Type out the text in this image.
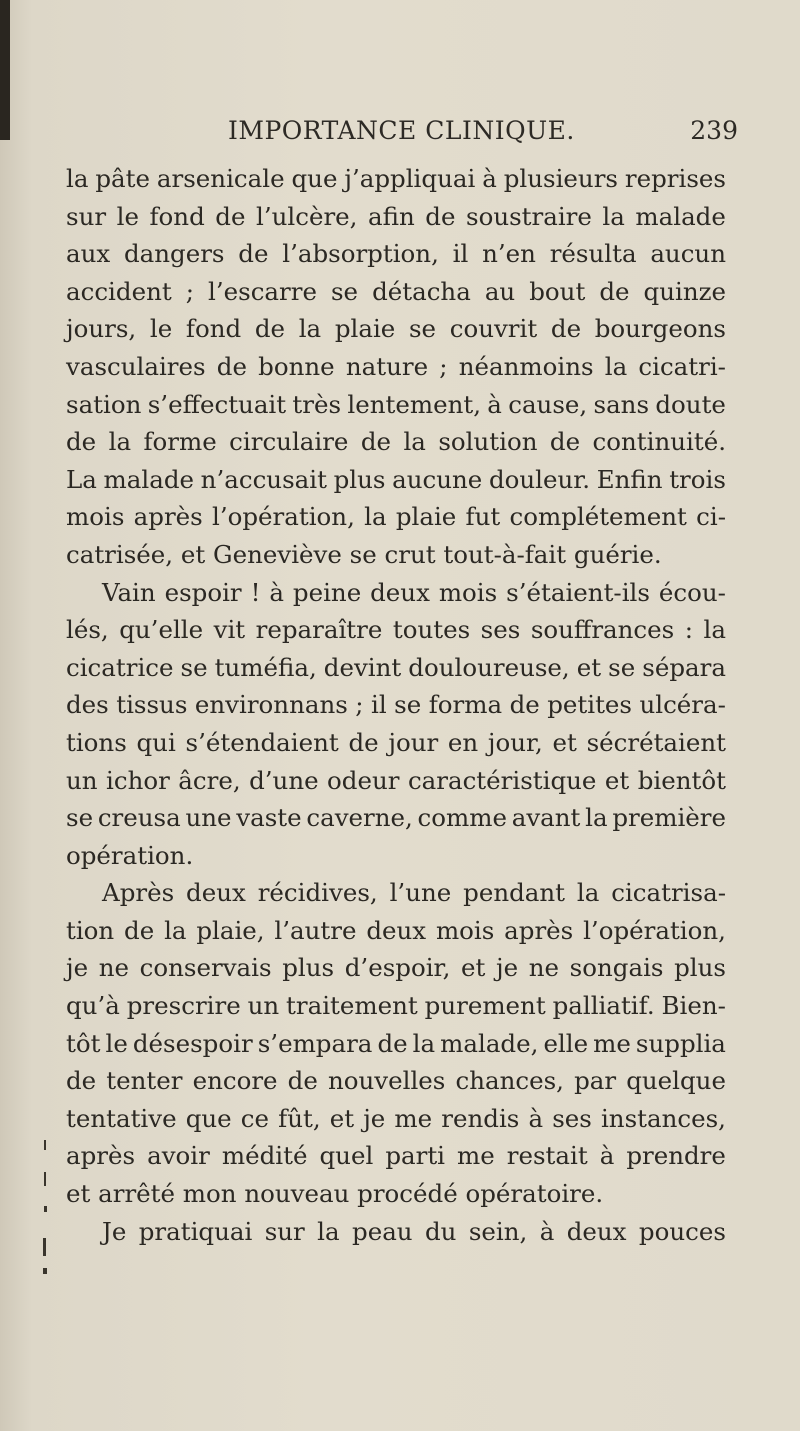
IMPORTANCE CLINIQUE.	239
la pâte arsenicale que j’appliquai à plusieurs reprises
sur le fond de l’ulcère, afin de soustraire la malade
aux dangers de l’absorption, il n’en résulta aucun
accident ; l’escarre se détacha au bout de quinze
jours, le fond de la plaie se couvrit de bourgeons
vasculaires de bonne nature ; néanmoins la cicatri-
sation s’effectuait très lentement, à cause, sans doute
de la forme circulaire de la solution de continuité.
La malade n’accusait plus aucune douleur. Enfin trois
mois après l’opération, la plaie fut complétement ci-
catrisée, et Geneviève se crut tout-à-fait guérie.
Vain espoir ! à peine deux mois s’étaient-ils écou-
lés, qu’elle vit reparaître toutes ses souffrances : la
cicatrice se tuméfia, devint douloureuse, et se sépara
des tissus environnans ; il se forma de petites ulcéra-
tions qui s’étendaient de jour en jour, et sécrétaient
un ichor âcre, d’une odeur caractéristique et bientôt
se creusa une vaste caverne, comme avant la première
opération.
Après deux récidives, l’une pendant la cicatrisa-
tion de la plaie, l’autre deux mois après l’opération,
je ne conservais plus d’espoir, et je ne songais plus
qu’à prescrire un traitement purement palliatif. Bien-
tôt le désespoir s’empara de la malade, elle me supplia
de tenter encore de nouvelles chances, par quelque
tentative que ce fût, et je me rendis à ses instances,
après avoir médité quel parti me restait à prendre
et arrêté mon nouveau procédé opératoire.
Je pratiquai sur la peau du sein, à deux pouces
